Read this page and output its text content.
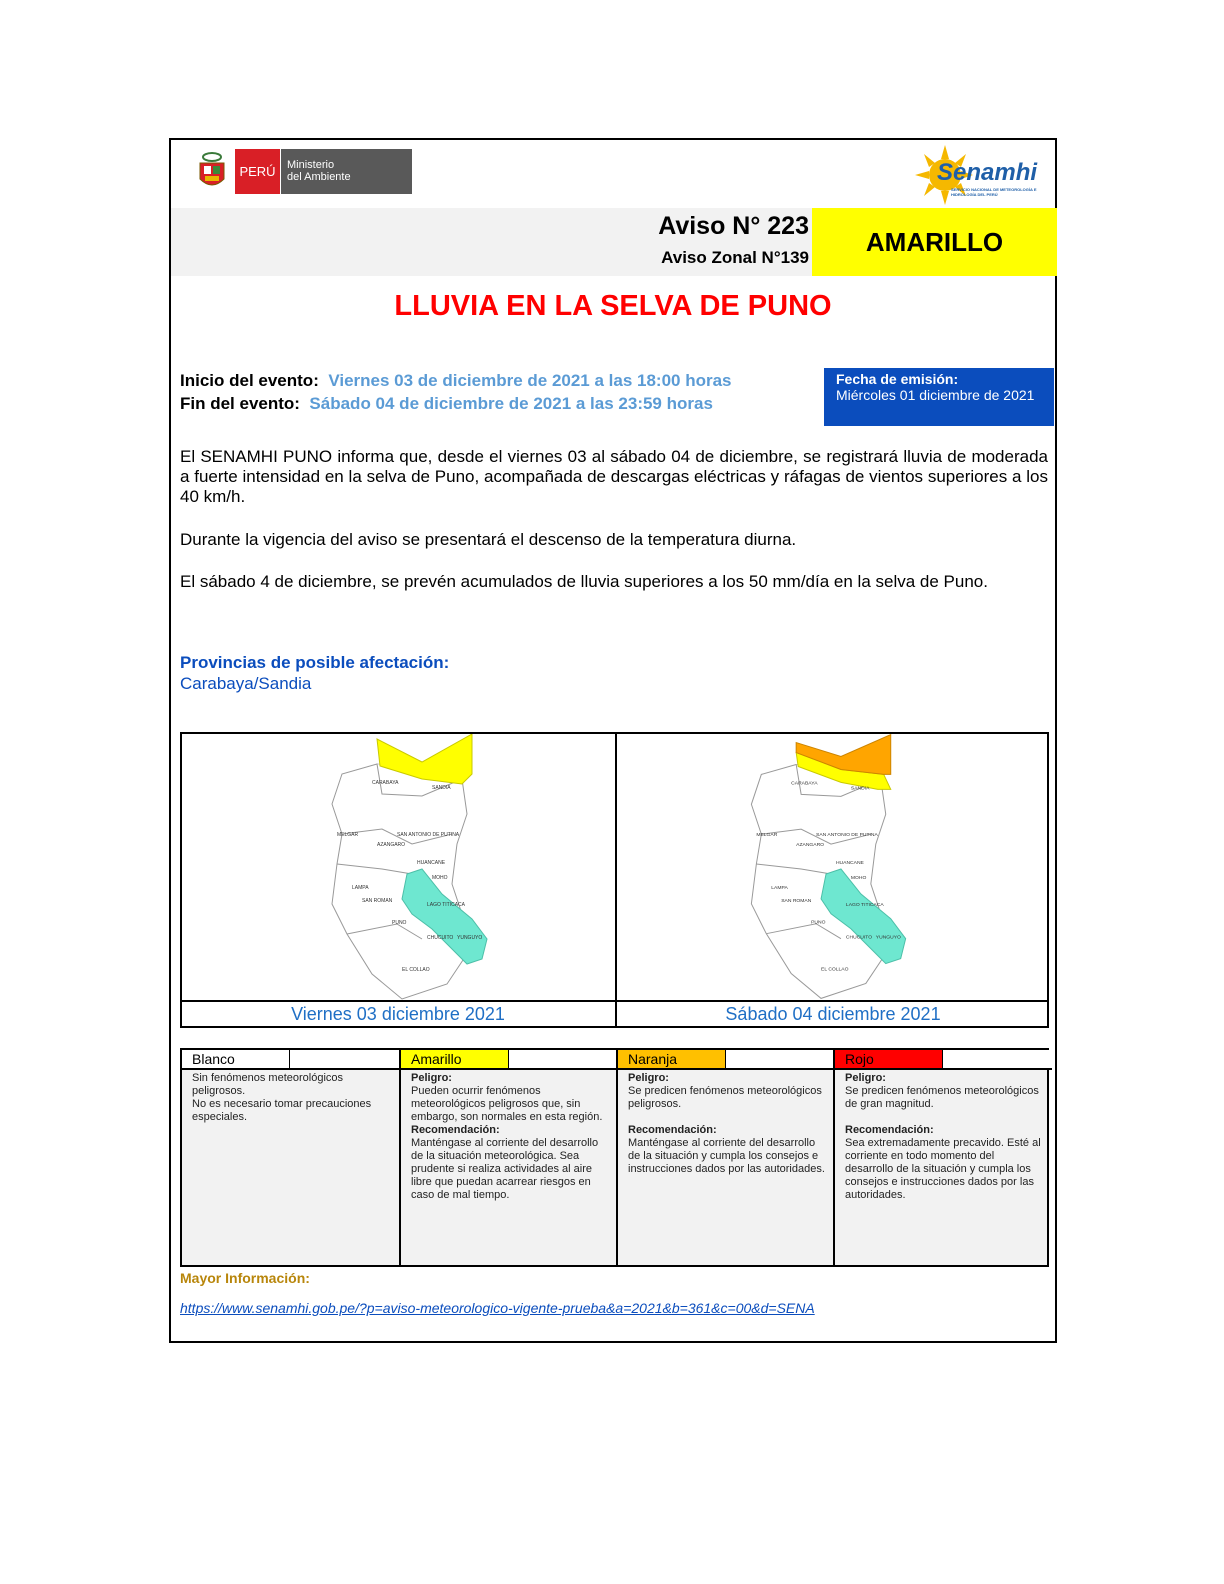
PERÚ	Ministerio
del Ambiente	Senamhi
SERVICIO NACIONAL DE METEOROLOGÍA E HIDROLOGÍA DEL PERÚ
Aviso N° 223
Aviso Zonal N°139
AMARILLO
LLUVIA EN LA SELVA DE PUNO
Inicio del evento: Viernes 03 de diciembre de 2021 a las 18:00 horas
Fin del evento: Sábado 04 de diciembre de 2021 a las 23:59 horas
Fecha de emisión:
Miércoles 01 diciembre de 2021
El SENAMHI PUNO informa que, desde el viernes 03 al sábado 04 de diciembre, se registrará lluvia de moderada a fuerte intensidad en la selva de Puno, acompañada de descargas eléctricas y ráfagas de vientos superiores a los 40 km/h.
Durante la vigencia del aviso se presentará el descenso de la temperatura diurna.
El sábado 4 de diciembre, se prevén acumulados de lluvia superiores a los 50 mm/día en la selva de Puno.
Provincias de posible afectación:
Carabaya/Sandia
CARABAYA
SANDIA
MELGAR	SAN ANTONIO DE PUTINA
AZANGARO
HUANCANE
MOHO
LAMPA
SAN ROMAN
LAGO TITICACA
PUNO
CHUCUITO YUNGUYO
EL COLLAO
CARABAYA
SANDIA
MELGAR	SAN ANTONIO DE PUTINA
AZANGARO
HUANCANE
MOHO
LAMPA
SAN ROMAN
LAGO TITICACA
PUNO
CHUCUITO YUNGUYO
EL COLLAO
Viernes 03 diciembre 2021	Sábado 04 diciembre 2021
Blanco
Sin fenómenos meteorológicos peligrosos.
No es necesario tomar precauciones especiales.
Amarillo
Peligro:
Pueden ocurrir fenómenos meteorológicos peligrosos que, sin embargo, son normales en esta región.
Recomendación:
Manténgase al corriente del desarrollo de la situación meteorológica. Sea prudente si realiza actividades al aire libre que puedan acarrear riesgos en caso de mal tiempo.
Naranja
Peligro:
Se predicen fenómenos meteorológicos peligrosos.
Recomendación:
Manténgase al corriente del desarrollo de la situación y cumpla los consejos e instrucciones dados por las autoridades.
Rojo
Peligro:
Se predicen fenómenos meteorológicos de gran magnitud.
Recomendación:
Sea extremadamente precavido. Esté al corriente en todo momento del desarrollo de la situación y cumpla los consejos e instrucciones dados por las autoridades.
Mayor Información:
https://www.senamhi.gob.pe/?p=aviso-meteorologico-vigente-prueba&a=2021&b=361&c=00&d=SENA
